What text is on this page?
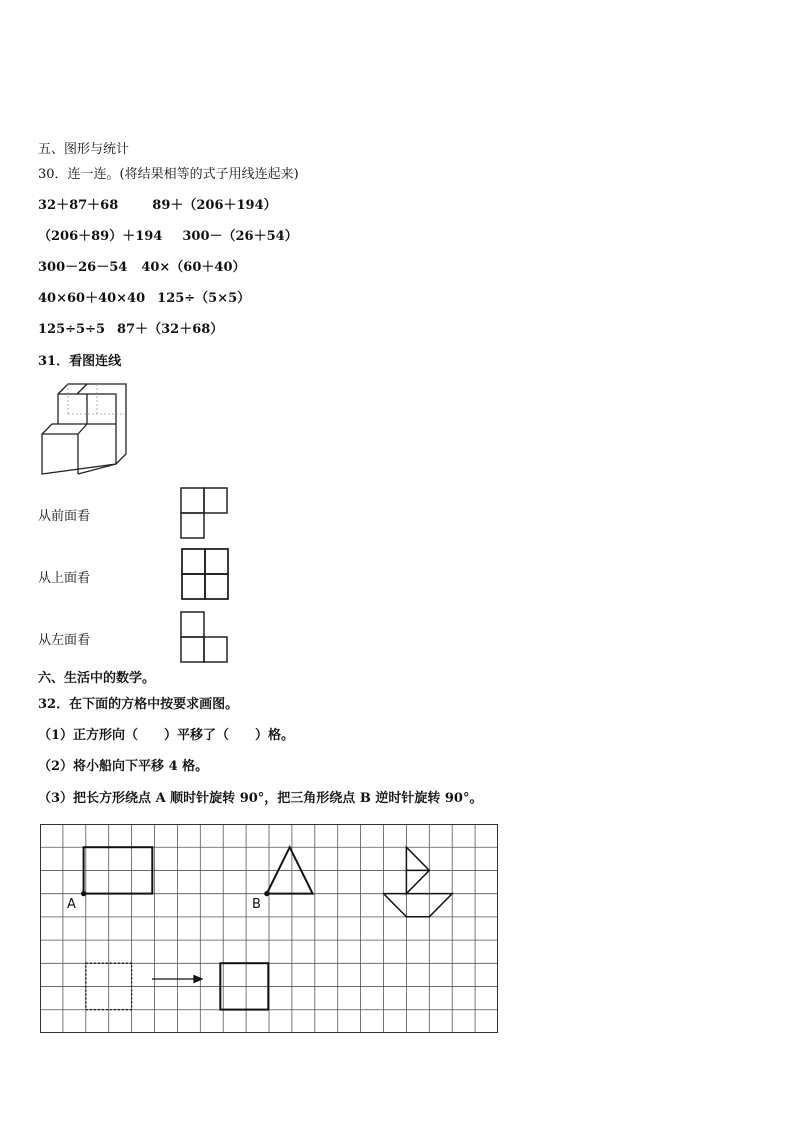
五、图形与统计
30．连一连。(将结果相等的式子用线连起来)
32＋87＋68	89＋（206＋194）
（206＋89）＋194 300－（26＋54）
300－26－54 40×（60＋40）
40×60＋40×40 125÷（5×5）
125÷5÷5 87＋（32＋68）
31．看图连线
从前面看
从上面看
从左面看
六、生活中的数学。
32．在下面的方格中按要求画图。
（1）正方形向（　　）平移了（　　）格。
（2）将小船向下平移 4 格。
（3）把长方形绕点 A 顺时针旋转 90°，把三角形绕点 B 逆时针旋转 90°。
A	B
